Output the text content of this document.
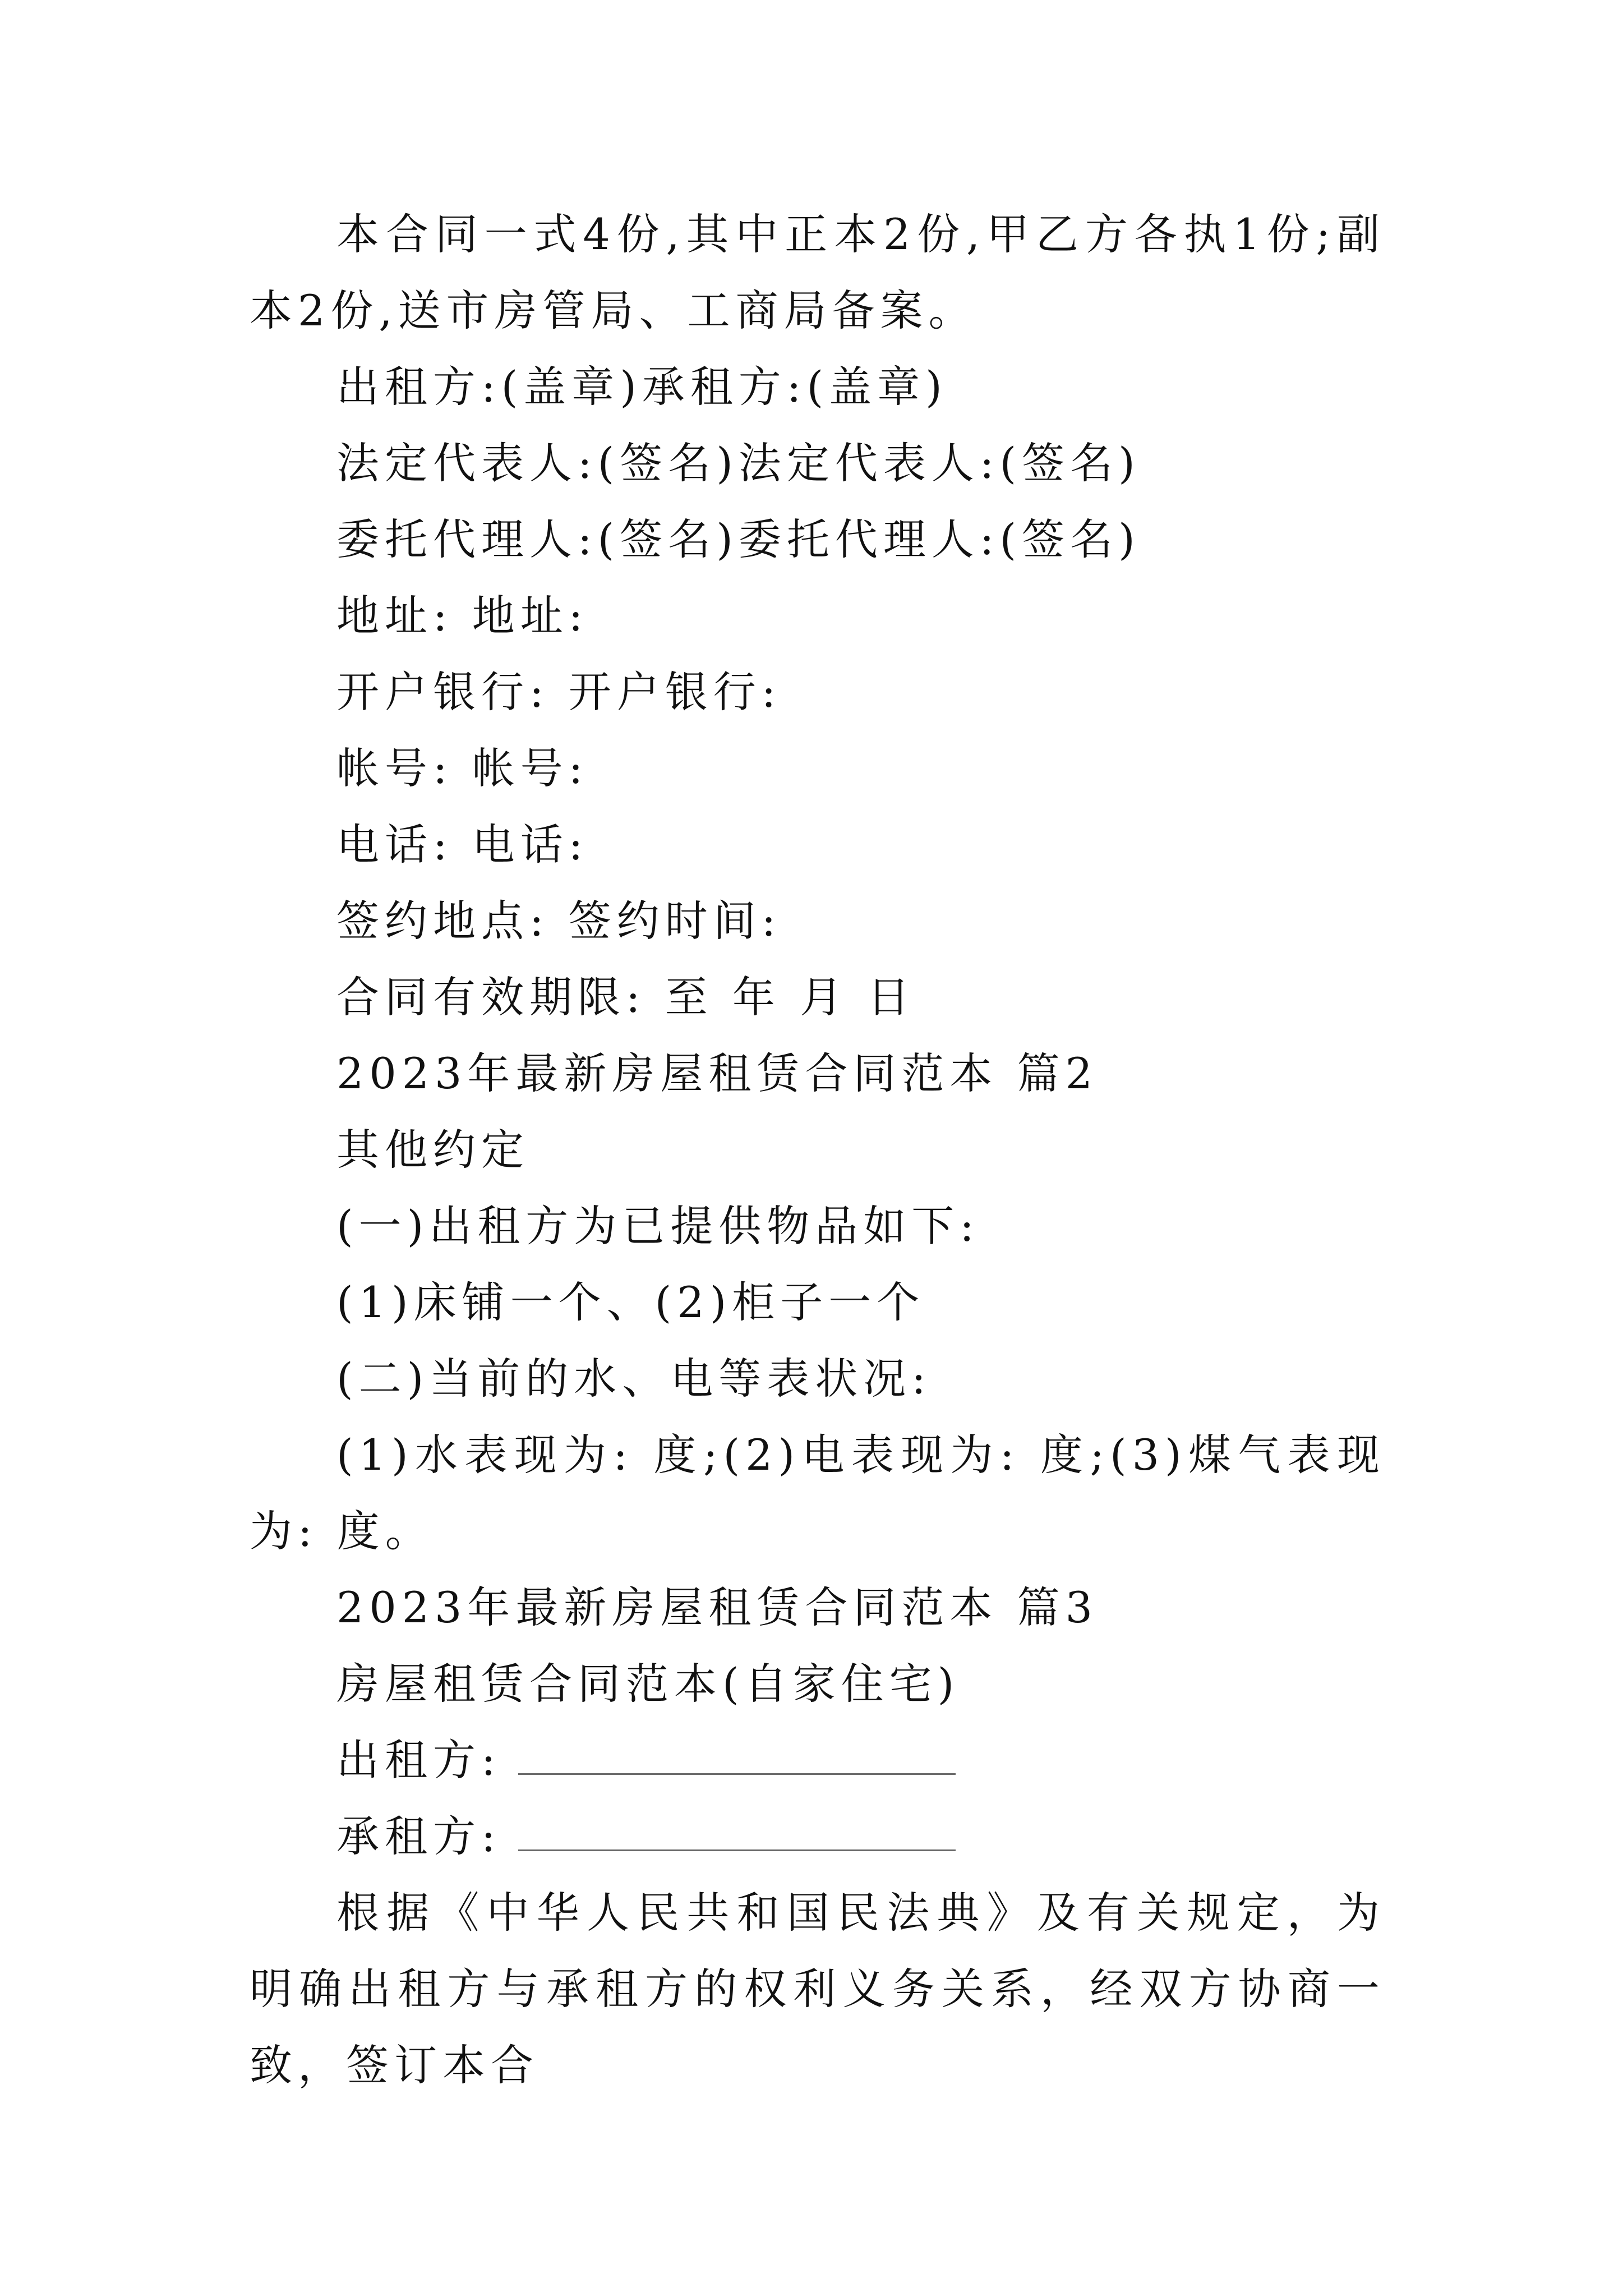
本合同一式4份,其中正本2份,甲乙方各执1份;副本2份,送市房管局、工商局备案。

出租方:(盖章)承租方:(盖章)

法定代表人:(签名)法定代表人:(签名)

委托代理人:(签名)委托代理人:(签名)

地址: 地址:

开户银行: 开户银行:

帐号: 帐号:

电话: 电话:

签约地点: 签约时间:

合同有效期限: 至 年 月 日

2023年最新房屋租赁合同范本 篇2

其他约定

(一)出租方为已提供物品如下:

(1)床铺一个、(2)柜子一个

(二)当前的水、电等表状况:

(1)水表现为: 度;(2)电表现为: 度;(3)煤气表现为: 度。

2023年最新房屋租赁合同范本 篇3

房屋租赁合同范本(自家住宅)

出租方:

承租方:

根据《中华人民共和国民法典》及有关规定，为明确出租方与承租方的权利义务关系，经双方协商一致，签订本合
